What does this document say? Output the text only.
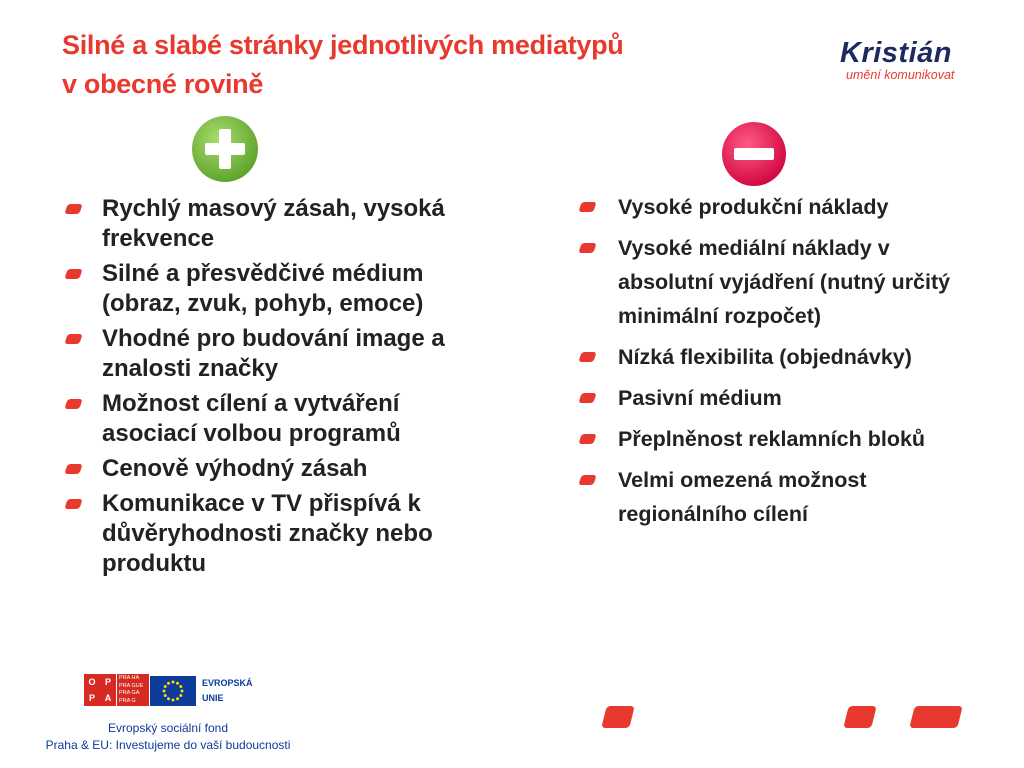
Silné a slabé stránky jednotlivých mediatypů
v obecné rovině
Kristián
umění komunikovat
Rychlý masový zásah, vysoká frekvence
Silné a přesvědčivé médium (obraz, zvuk, pohyb, emoce)
Vhodné pro budování image a znalosti značky
Možnost cílení a vytváření asociací volbou programů
Cenově výhodný zásah
Komunikace v TV přispívá k důvěryhodnosti značky nebo produktu
Vysoké produkční náklady
Vysoké mediální náklady v absolutní vyjádření (nutný určitý minimální rozpočet)
Nízká flexibilita (objednávky)
Pasivní médium
Přeplněnost reklamních bloků
Velmi omezená možnost regionálního cílení
O	P
P	A
PRA HA
PRA GUE
PRA GA
PRA G
EVROPSKÁ
UNIE
Evropský sociální fond
Praha & EU: Investujeme do vaší budoucnosti
